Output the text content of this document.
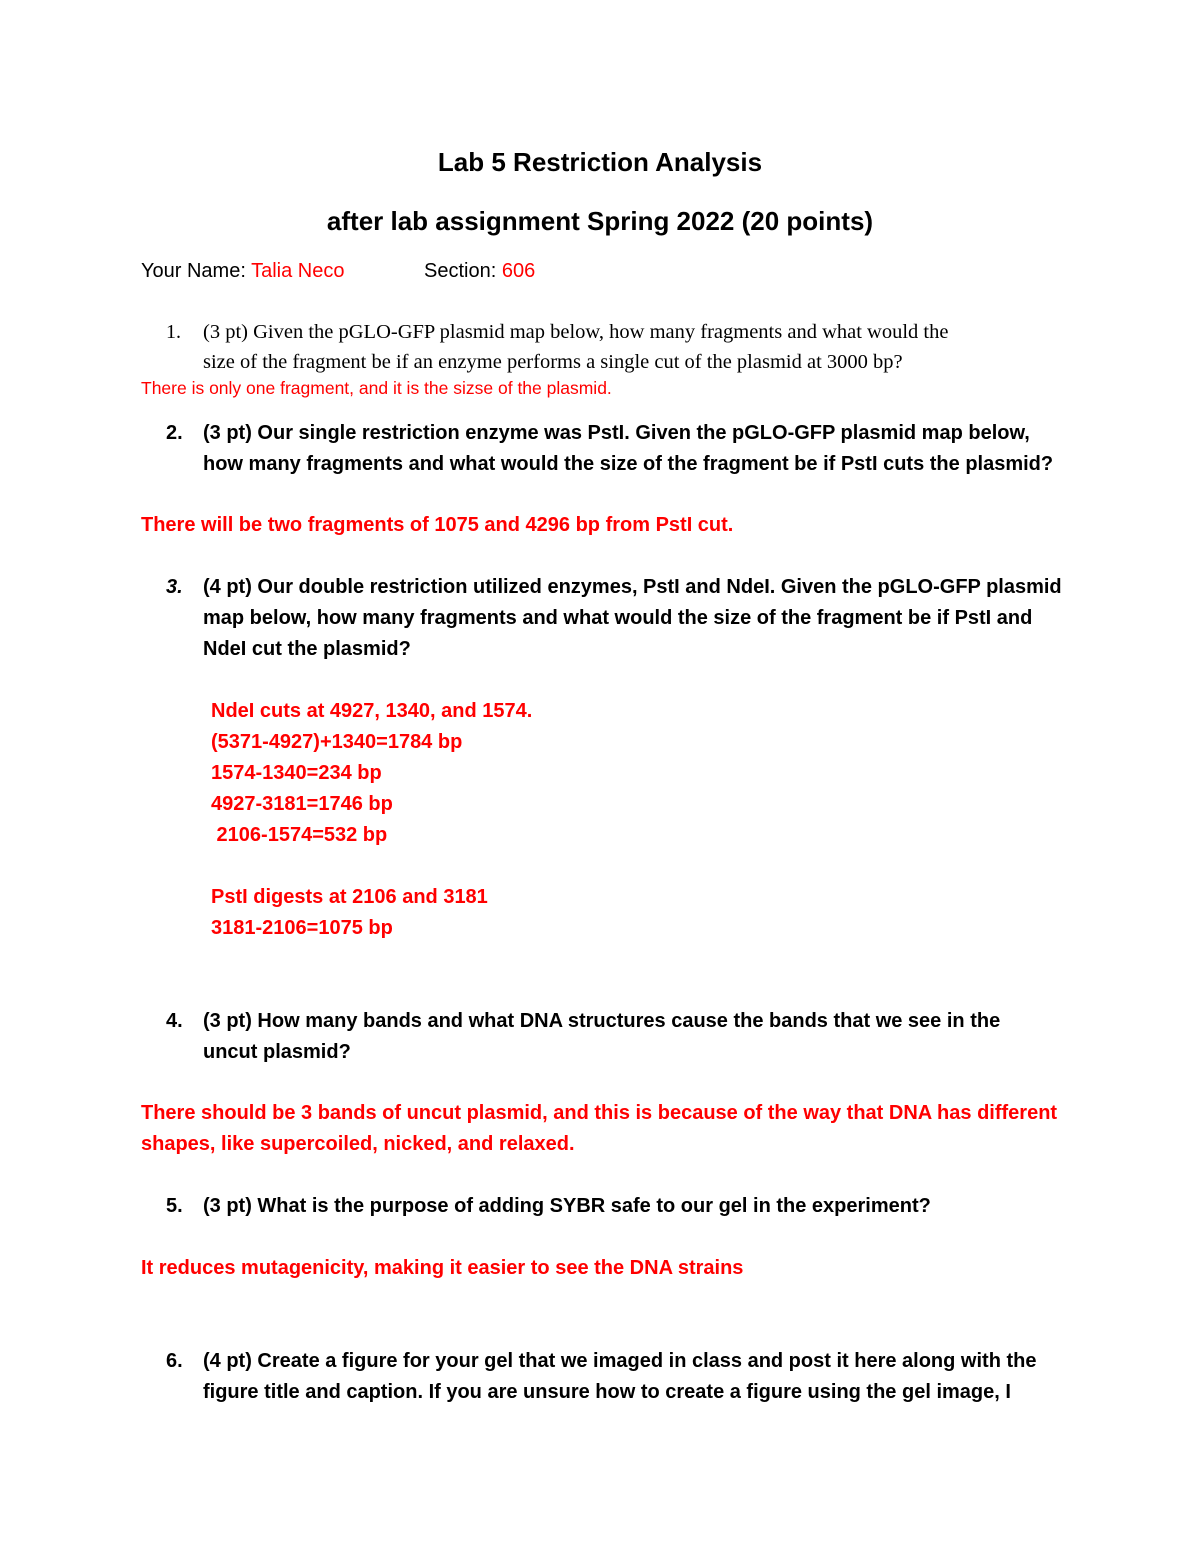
Lab 5 Restriction Analysis
after lab assignment Spring 2022 (20 points)
Your Name: Talia Neco	Section: 606
1. (3 pt) Given the pGLO-GFP plasmid map below, how many fragments and what would the
size of the fragment be if an enzyme performs a single cut of the plasmid at 3000 bp?
There is only one fragment, and it is the sizse of the plasmid.
2. (3 pt) Our single restriction enzyme was PstI. Given the pGLO-GFP plasmid map below,
how many fragments and what would the size of the fragment be if PstI cuts the plasmid?
There will be two fragments of 1075 and 4296 bp from PstI cut.
3. (4 pt) Our double restriction utilized enzymes, PstI and NdeI. Given the pGLO-GFP plasmid
map below, how many fragments and what would the size of the fragment be if PstI and
NdeI cut the plasmid?
NdeI cuts at 4927, 1340, and 1574.
(5371-4927)+1340=1784 bp
1574-1340=234 bp
4927-3181=1746 bp
2106-1574=532 bp
PstI digests at 2106 and 3181
3181-2106=1075 bp
4. (3 pt) How many bands and what DNA structures cause the bands that we see in the
uncut plasmid?
There should be 3 bands of uncut plasmid, and this is because of the way that DNA has different
shapes, like supercoiled, nicked, and relaxed.
5. (3 pt) What is the purpose of adding SYBR safe to our gel in the experiment?
It reduces mutagenicity, making it easier to see the DNA strains
6. (4 pt) Create a figure for your gel that we imaged in class and post it here along with the
figure title and caption. If you are unsure how to create a figure using the gel image, I
